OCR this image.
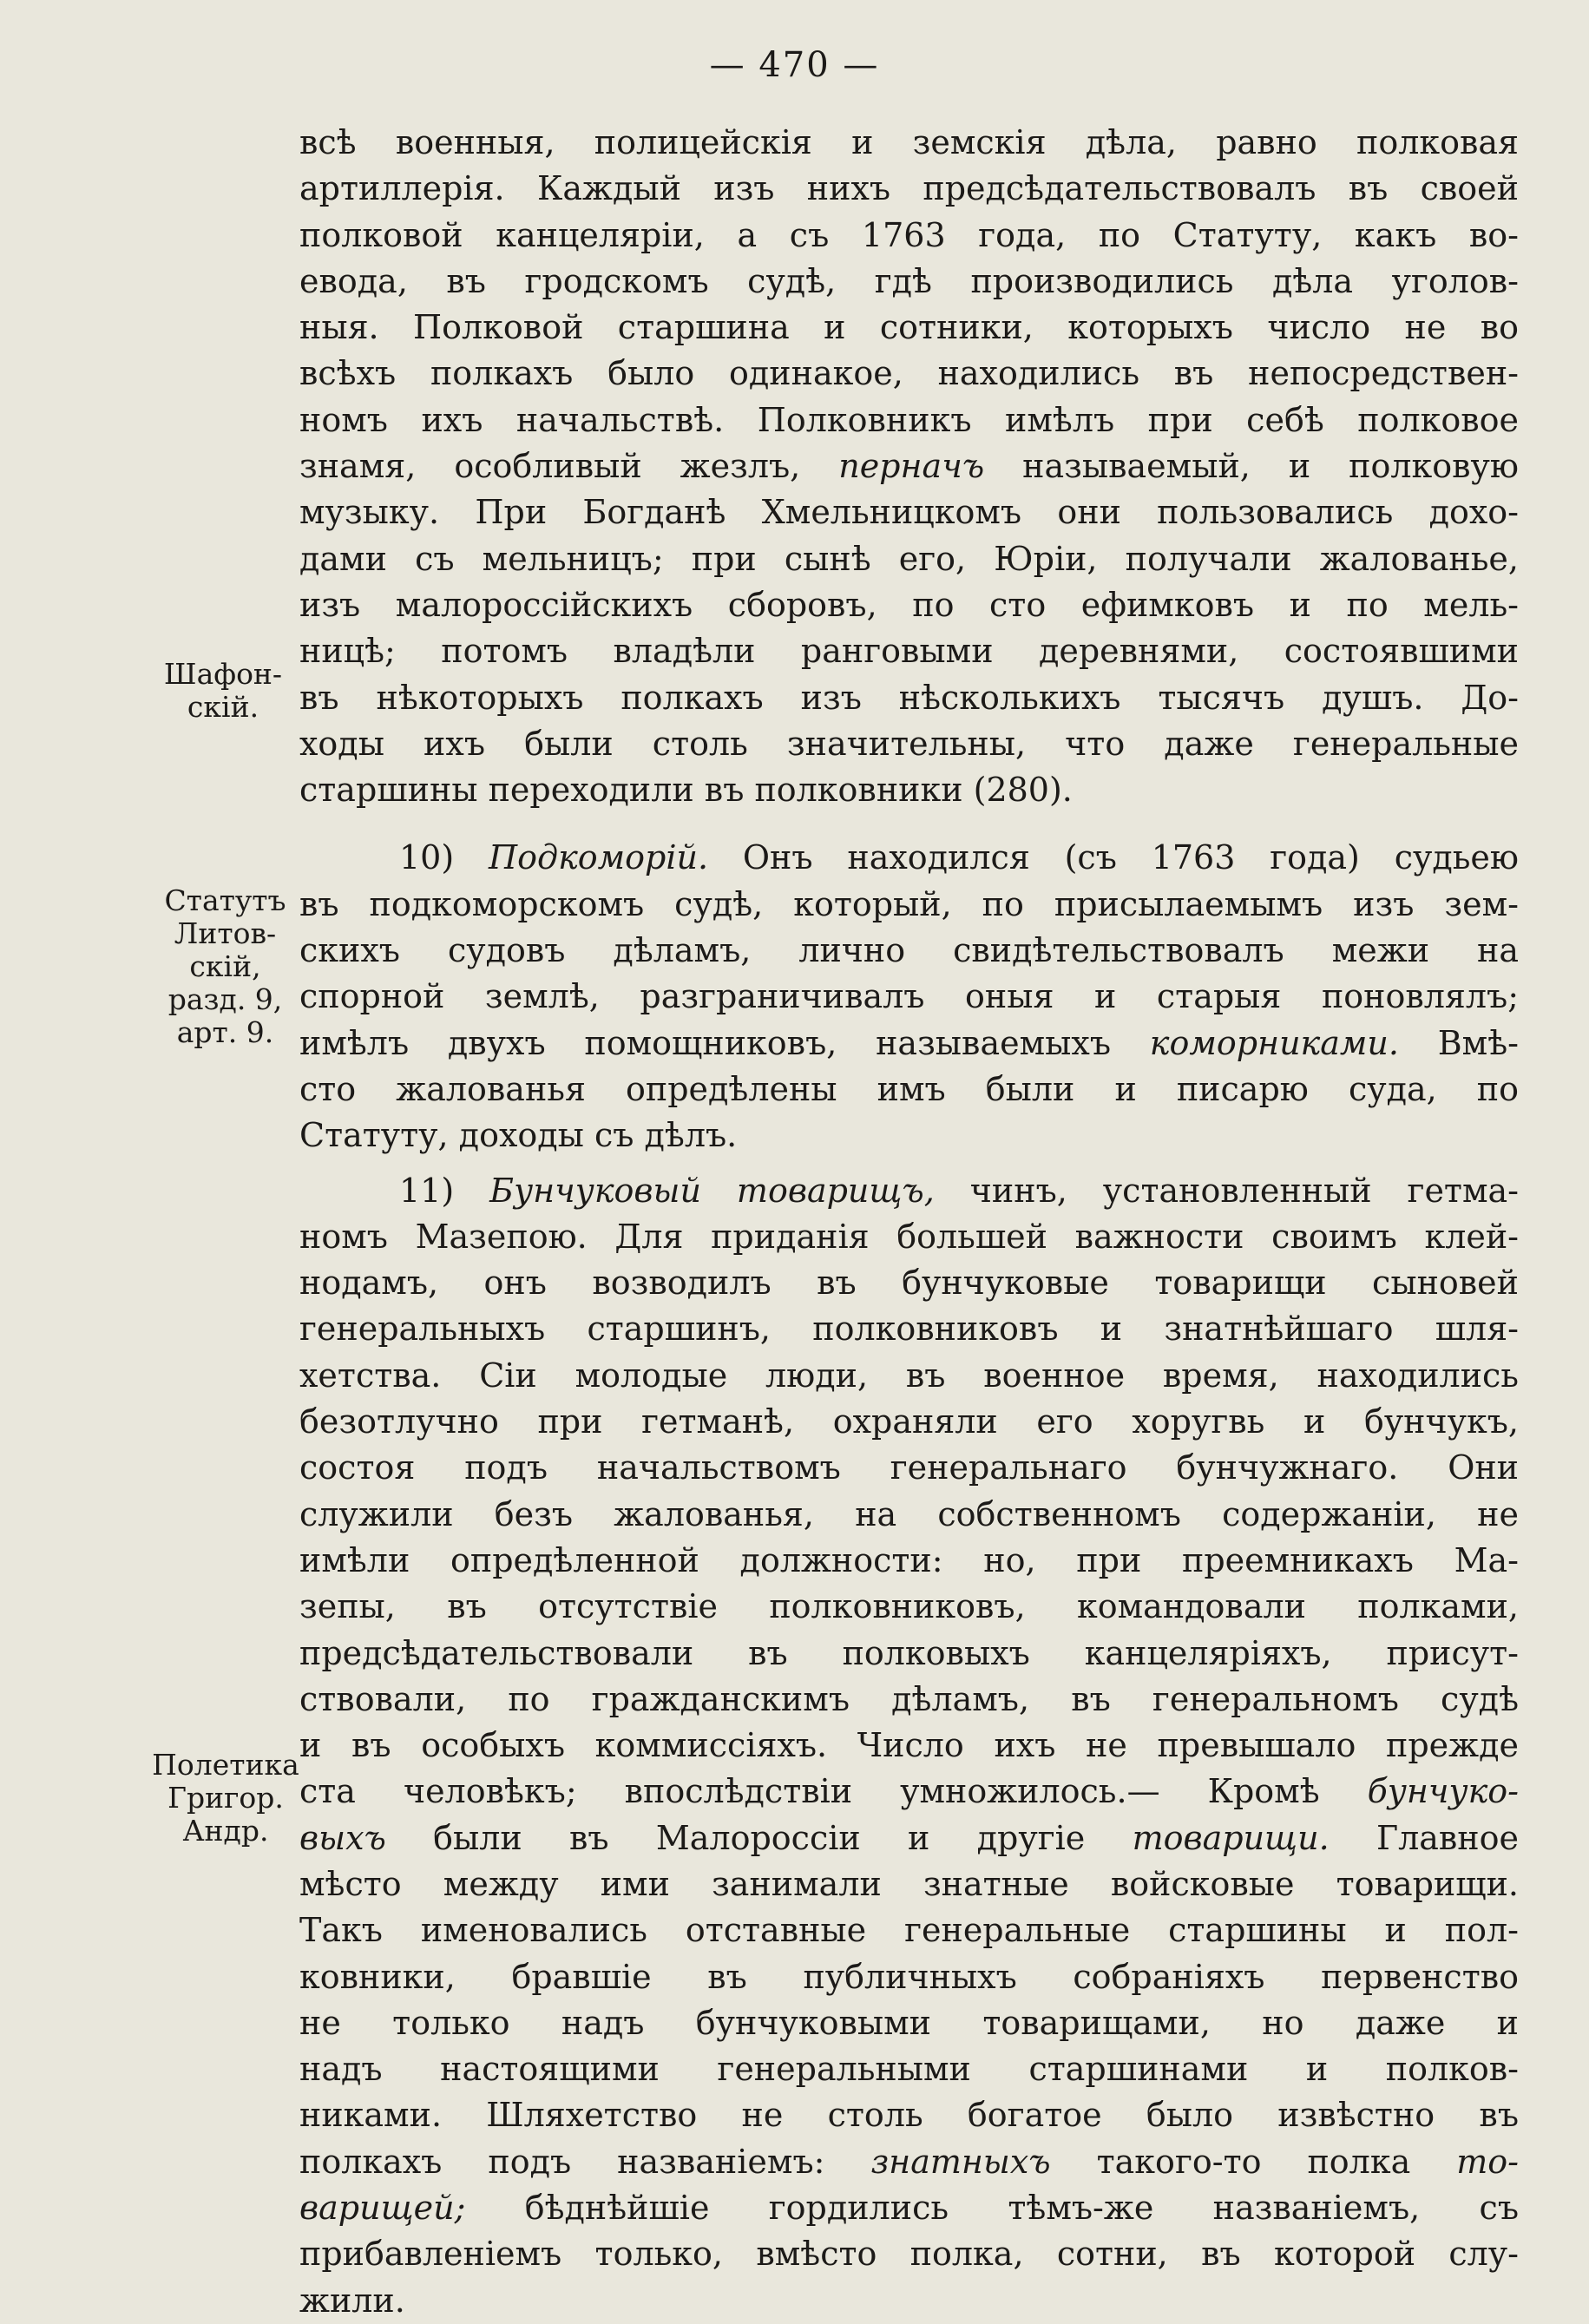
— 470 —
всѣ военныя, полицейскія и земскія дѣла, равно полковая
артиллерія. Каждый изъ нихъ предсѣдательствовалъ въ своей
полковой канцеляріи, а съ 1763 года, по Статуту, какъ во-
евода, въ гродскомъ судѣ, гдѣ производились дѣла уголов-
ныя. Полковой старшина и сотники, которыхъ число не во
всѣхъ полкахъ было одинакое, находились въ непосредствен-
номъ ихъ начальствѣ. Полковникъ имѣлъ при себѣ полковое
знамя, особливый жезлъ, перначъ называемый, и полковую
музыку. При Богданѣ Хмельницкомъ они пользовались дохо-
дами съ мельницъ; при сынѣ его, Юріи, получали жалованье,
изъ малороссійскихъ сборовъ, по сто ефимковъ и по мель-
ницѣ; потомъ владѣли ранговыми деревнями, состоявшими
въ нѣкоторыхъ полкахъ изъ нѣсколькихъ тысячъ душъ. До-
ходы ихъ были столь значительны, что даже генеральные
старшины переходили въ полковники (280).
10) Подкоморій. Онъ находился (съ 1763 года) судьею
въ подкоморскомъ судѣ, который, по присылаемымъ изъ зем-
скихъ судовъ дѣламъ, лично свидѣтельствовалъ межи на
спорной землѣ, разграничивалъ оныя и старыя поновлялъ;
имѣлъ двухъ помощниковъ, называемыхъ коморниками. Вмѣ-
сто жалованья опредѣлены имъ были и писарю суда, по
Статуту, доходы съ дѣлъ.
11) Бунчуковый товарищъ, чинъ, установленный гетма-
номъ Мазепою. Для приданія большей важности своимъ клей-
нодамъ, онъ возводилъ въ бунчуковые товарищи сыновей
генеральныхъ старшинъ, полковниковъ и знатнѣйшаго шля-
хетства. Сіи молодые люди, въ военное время, находились
безотлучно при гетманѣ, охраняли его хоругвь и бунчукъ,
состоя подъ начальствомъ генеральнаго бунчужнаго. Они
служили безъ жалованья, на собственномъ содержаніи, не
имѣли опредѣленной должности: но, при преемникахъ Ма-
зепы, въ отсутствіе полковниковъ, командовали полками,
предсѣдательствовали въ полковыхъ канцеляріяхъ, присут-
ствовали, по гражданскимъ дѣламъ, въ генеральномъ судѣ
и въ особыхъ коммиссіяхъ. Число ихъ не превышало прежде
ста человѣкъ; впослѣдствіи умножилось.— Кромѣ бунчуко-
выхъ были въ Малороссіи и другіе товарищи. Главное
мѣсто между ими занимали знатные войсковые товарищи.
Такъ именовались отставные генеральные старшины и пол-
ковники, бравшіе въ публичныхъ собраніяхъ первенство
не только надъ бунчуковыми товарищами, но даже и
надъ настоящими генеральными старшинами и полков-
никами. Шляхетство не столь богатое было извѣстно въ
полкахъ подъ названіемъ: знатныхъ такого-то полка то-
варищей; бѣднѣйшіе гордились тѣмъ-же названіемъ, съ
прибавленіемъ только, вмѣсто полка, сотни, въ которой слу-
жили.
Шафон-
скій.
Статутъ
Литов-
скій,
разд. 9,
арт. 9.
Полетика
Григор.
Андр.
